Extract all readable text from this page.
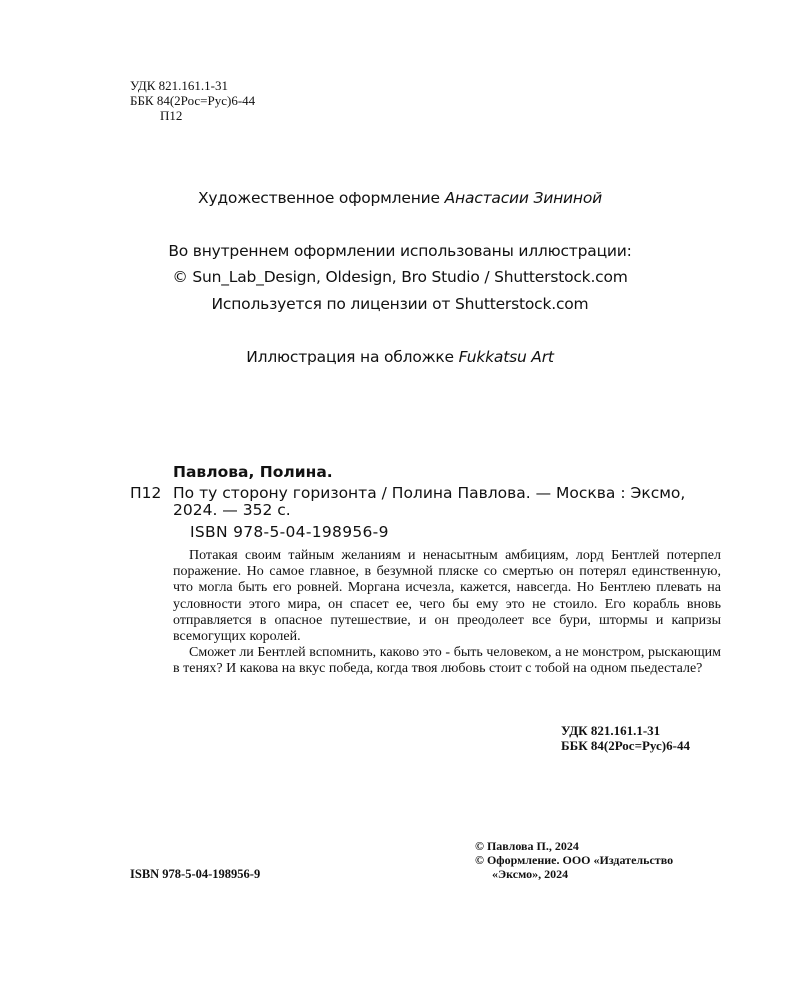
УДК 821.161.1-31
ББК 84(2Рос=Рус)6-44
П12
Художественное оформление Анастасии Зининой
Во внутреннем оформлении использованы иллюстрации:
© Sun_Lab_Design, Oldesign, Bro Studio / Shutterstock.com
Используется по лицензии от Shutterstock.com
Иллюстрация на обложке Fukkatsu Art
Павлова, Полина.
П12 По ту сторону горизонта / Полина Павлова. — Москва : Эксмо,
2024. — 352 с.
ISBN 978-5-04-198956-9

Потакая своим тайным желаниям и ненасытным амбициям, лорд Бентлей потерпел поражение. Но самое главное, в безумной пляске со смертью он потерял единственную, что могла быть его ровней. Моргана исчезла, кажется, навсегда. Но Бентлею плевать на условности этого мира, он спасет ее, чего бы ему это не стоило. Его корабль вновь отправляется в опасное путешествие, и он преодолеет все бури, штормы и капризы всемогущих королей.

Сможет ли Бентлей вспомнить, каково это - быть человеком, а не монстром, рыскающим в тенях? И какова на вкус победа, когда твоя любовь стоит с тобой на одном пьедестале?

УДК 821.161.1-31
ББК 84(2Рос=Рус)6-44
© Павлова П., 2024
© Оформление. ООО «Издательство
«Эксмо», 2024
ISBN 978-5-04-198956-9
